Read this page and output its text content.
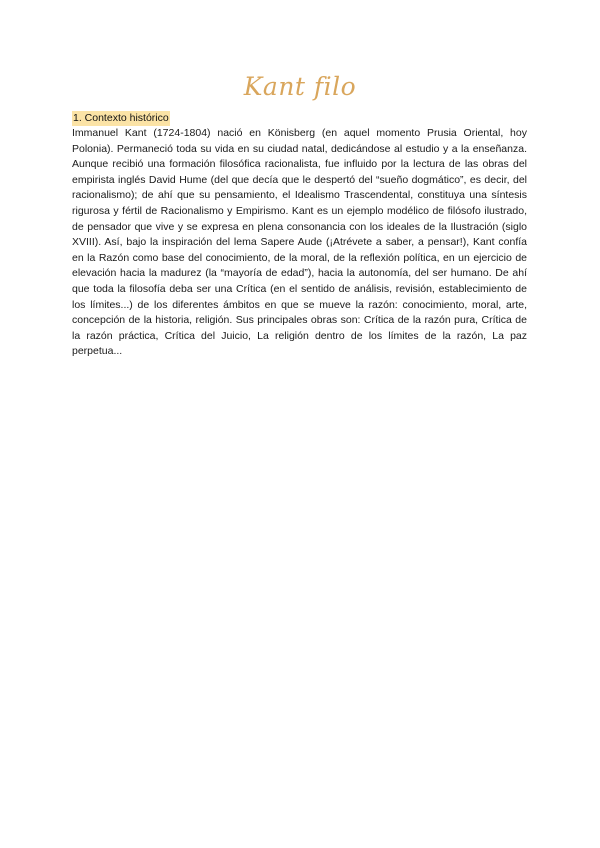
Kant filo
1. Contexto histórico

Immanuel Kant (1724-1804) nació en Könisberg (en aquel momento Prusia Oriental, hoy Polonia). Permaneció toda su vida en su ciudad natal, dedicándose al estudio y a la enseñanza. Aunque recibió una formación filosófica racionalista, fue influido por la lectura de las obras del empirista inglés David Hume (del que decía que le despertó del “sueño dogmático”, es decir, del racionalismo); de ahí que su pensamiento, el Idealismo Trascendental, constituya una síntesis rigurosa y fértil de Racionalismo y Empirismo. Kant es un ejemplo modélico de filósofo ilustrado, de pensador que vive y se expresa en plena consonancia con los ideales de la Ilustración (siglo XVIII). Así, bajo la inspiración del lema Sapere Aude (¡Atrévete a saber, a pensar!), Kant confía en la Razón como base del conocimiento, de la moral, de la reflexión política, en un ejercicio de elevación hacia la madurez (la “mayoría de edad”), hacia la autonomía, del ser humano. De ahí que toda la filosofía deba ser una Crítica (en el sentido de análisis, revisión, establecimiento de los límites...) de los diferentes ámbitos en que se mueve la razón: conocimiento, moral, arte, concepción de la historia, religión. Sus principales obras son: Crítica de la razón pura, Crítica de la razón práctica, Crítica del Juicio, La religión dentro de los límites de la razón, La paz perpetua...
